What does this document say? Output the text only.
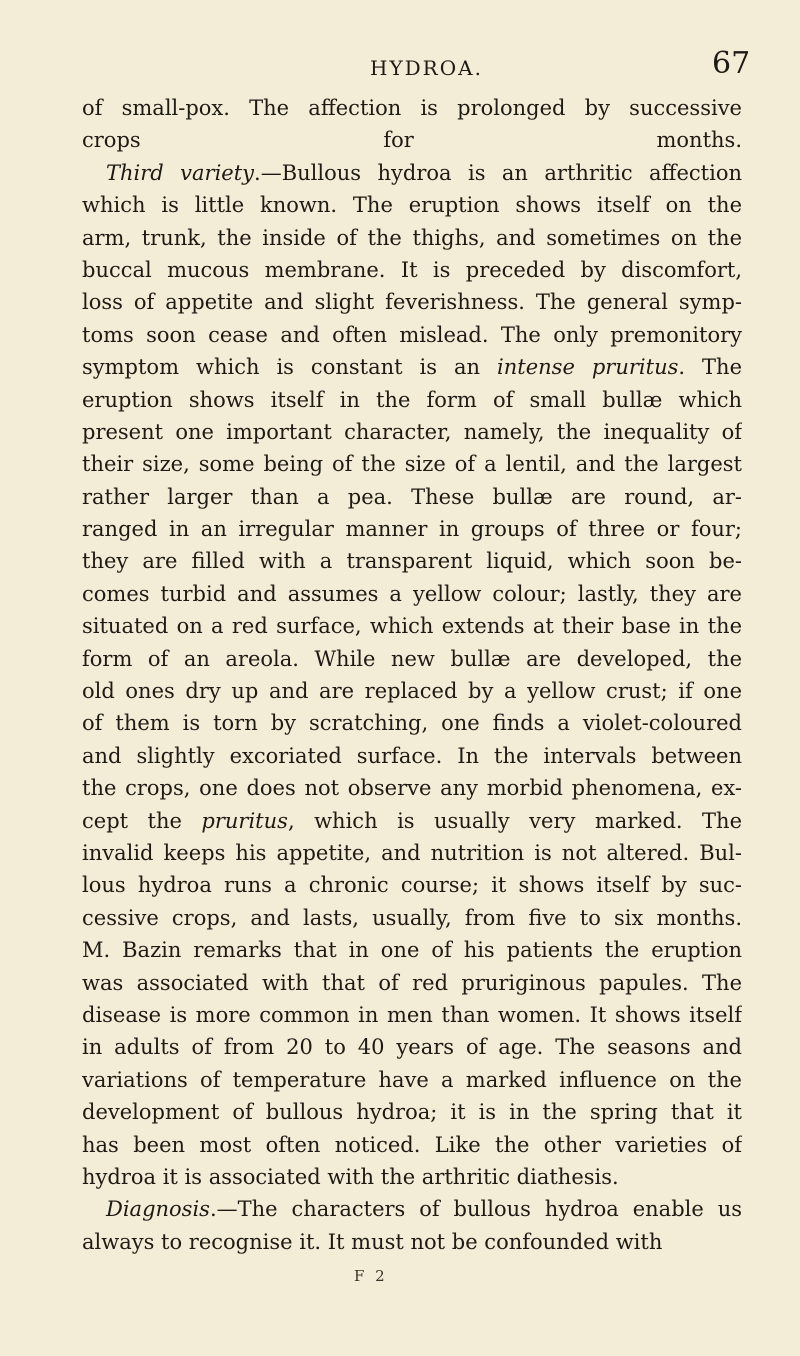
HYDROA.	67
of small-pox. The affection is prolonged by successive
crops for months.
Third variety.—Bullous hydroa is an arthritic affection
which is little known. The eruption shows itself on the
arm, trunk, the inside of the thighs, and sometimes on the
buccal mucous membrane. It is preceded by discomfort,
loss of appetite and slight feverishness. The general symp-
toms soon cease and often mislead. The only premonitory
symptom which is constant is an intense pruritus. The
eruption shows itself in the form of small bullæ which
present one important character, namely, the inequality of
their size, some being of the size of a lentil, and the largest
rather larger than a pea. These bullæ are round, ar-
ranged in an irregular manner in groups of three or four;
they are filled with a transparent liquid, which soon be-
comes turbid and assumes a yellow colour; lastly, they are
situated on a red surface, which extends at their base in the
form of an areola. While new bullæ are developed, the
old ones dry up and are replaced by a yellow crust; if one
of them is torn by scratching, one finds a violet-coloured
and slightly excoriated surface. In the intervals between
the crops, one does not observe any morbid phenomena, ex-
cept the pruritus, which is usually very marked. The
invalid keeps his appetite, and nutrition is not altered. Bul-
lous hydroa runs a chronic course; it shows itself by suc-
cessive crops, and lasts, usually, from five to six months.
M. Bazin remarks that in one of his patients the eruption
was associated with that of red pruriginous papules. The
disease is more common in men than women. It shows itself
in adults of from 20 to 40 years of age. The seasons and
variations of temperature have a marked influence on the
development of bullous hydroa; it is in the spring that it
has been most often noticed. Like the other varieties of
hydroa it is associated with the arthritic diathesis.
Diagnosis.—The characters of bullous hydroa enable us
always to recognise it. It must not be confounded with
F 2
